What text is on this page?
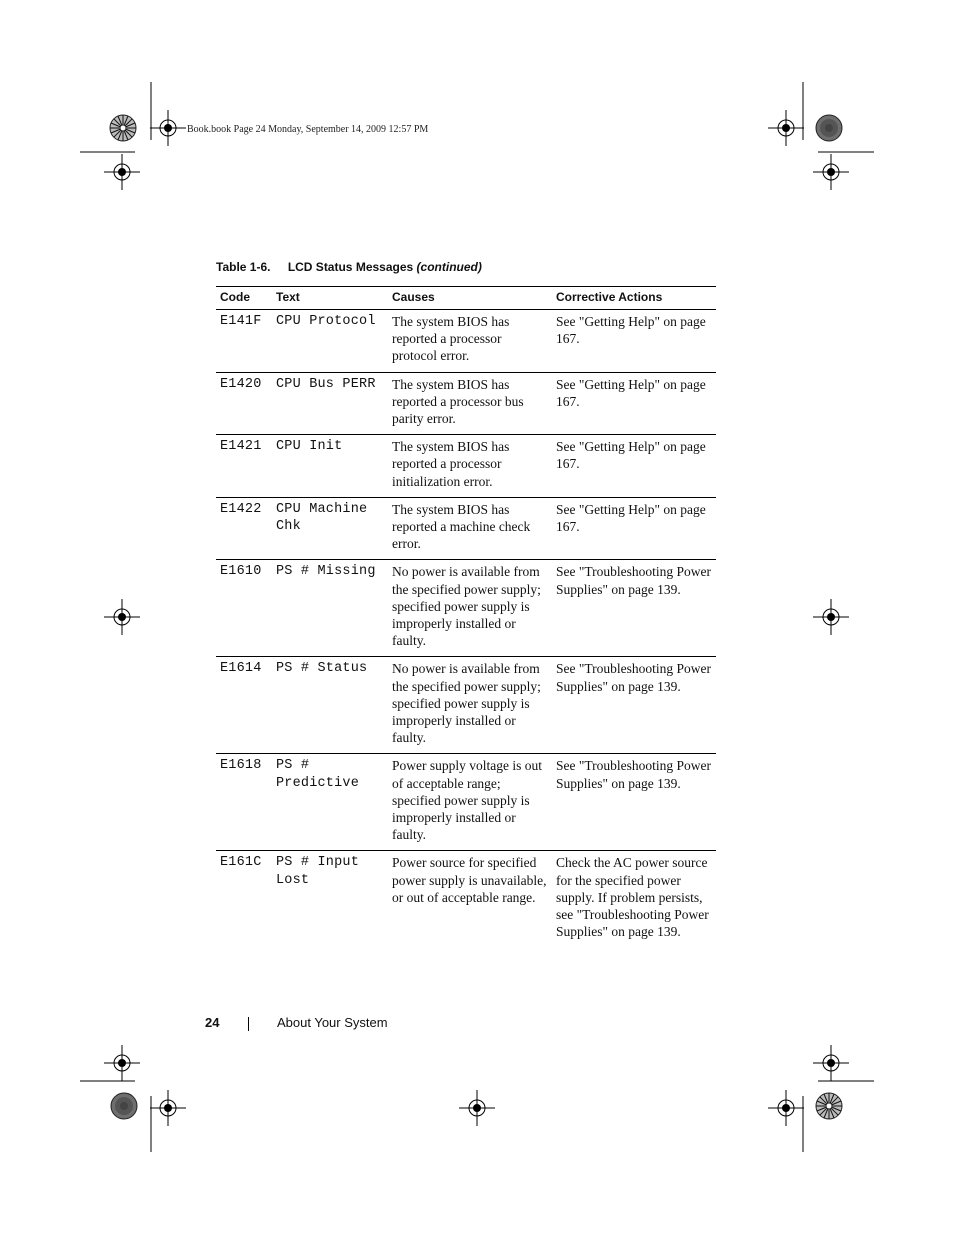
Book.book Page 24 Monday, September 14, 2009 12:57 PM
Table 1-6. LCD Status Messages (continued)
Code	Text	Causes	Corrective Actions
E141F	CPU Protocol	The system BIOS has reported a processor protocol error.	See "Getting Help" on page 167.
E1420	CPU Bus PERR	The system BIOS has reported a processor bus parity error.	See "Getting Help" on page 167.
E1421	CPU Init	The system BIOS has reported a processor initialization error.	See "Getting Help" on page 167.
E1422	CPU Machine Chk	The system BIOS has reported a machine check error.	See "Getting Help" on page 167.
E1610	PS # Missing	No power is available from the specified power supply; specified power supply is improperly installed or faulty.	See "Troubleshooting Power Supplies" on page 139.
E1614	PS # Status	No power is available from the specified power supply; specified power supply is improperly installed or faulty.	See "Troubleshooting Power Supplies" on page 139.
E1618	PS # Predictive	Power supply voltage is out of acceptable range; specified power supply is improperly installed or faulty.	See "Troubleshooting Power Supplies" on page 139.
E161C	PS # Input Lost	Power source for specified power supply is unavailable, or out of acceptable range.	Check the AC power source for the specified power supply. If problem persists, see "Troubleshooting Power Supplies" on page 139.
24	About Your System
